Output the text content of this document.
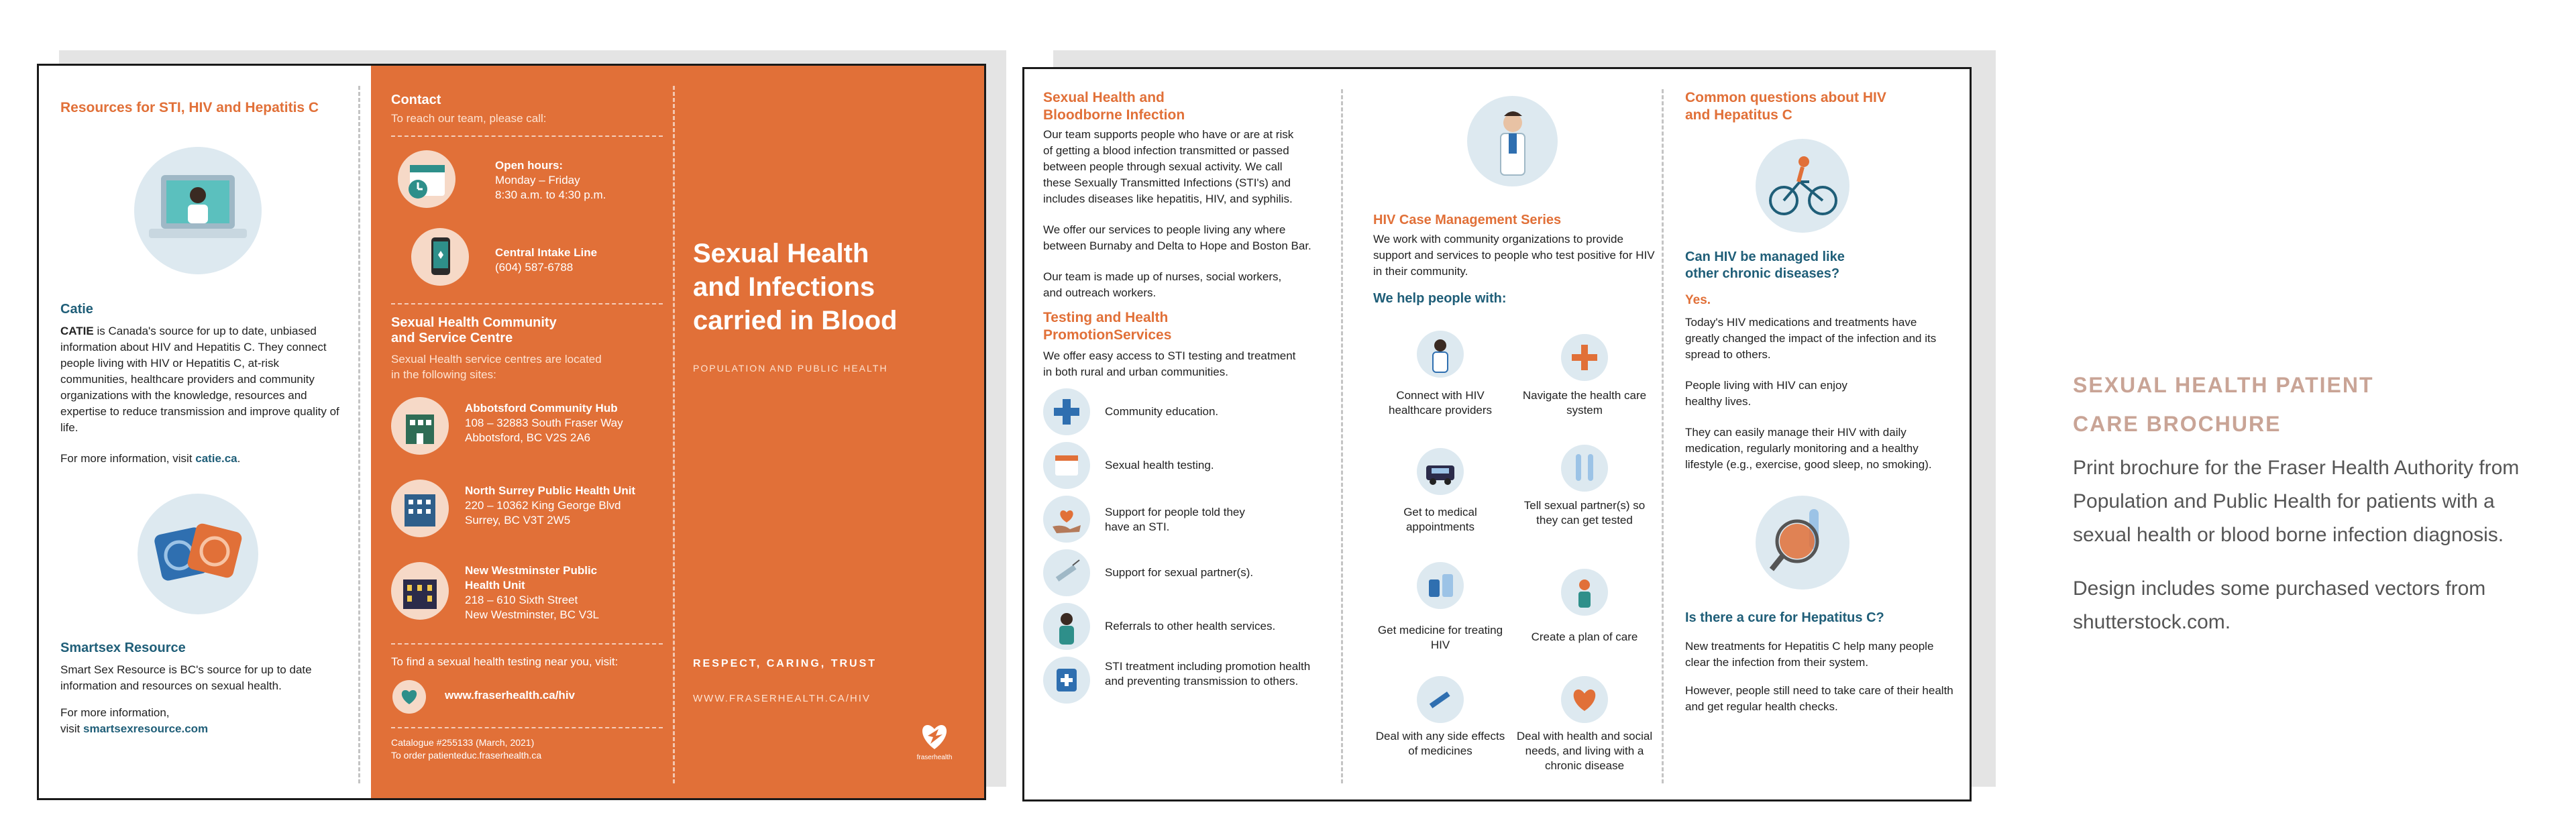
Resources for STI, HIV and Hepatitis C
Catie

CATIE is Canada's source for up to date, unbiased information about HIV and Hepatitis C. They connect people living with HIV or Hepatitis C, at-risk communities, healthcare providers and community organizations with the knowledge, resources and expertise to reduce transmission and improve quality of life.

For more information, visit catie.ca.

Smartsex Resource

Smart Sex Resource is BC's source for up to date information and resources on sexual health.

For more information,

visit smartsexresource.com

Contact
To reach our team, please call:
Open hours:
Monday – Friday
8:30 a.m. to 4:30 p.m.
Central Intake Line
(604) 587-6788
Sexual Health Community
and Service Centre
Sexual Health service centres are located
in the following sites:
Abbotsford Community Hub
108 – 32883 South Fraser Way
Abbotsford, BC V2S 2A6
North Surrey Public Health Unit
220 – 10362 King George Blvd
Surrey, BC V3T 2W5
New Westminster Public
Health Unit
218 – 610 Sixth Street
New Westminster, BC V3L
To find a sexual health testing near you, visit:
www.fraserhealth.ca/hiv
Catalogue #255133 (March, 2021)
To order patienteduc.fraserhealth.ca
Sexual Health
and Infections
carried in Blood
POPULATION AND PUBLIC HEALTH
RESPECT, CARING, TRUST
WWW.FRASERHEALTH.CA/HIV
fraserhealth
Sexual Health and
Bloodborne Infection

Our team supports people who have or are at risk of getting a blood infection transmitted or passed between people through sexual activity. We call these Sexually Transmitted Infections (STI's) and includes diseases like hepatitis, HIV, and syphilis.

We offer our services to people living any where between Burnaby and Delta to Hope and Boston Bar.

Our team is made up of nurses, social workers, and outreach workers.

Testing and Health
PromotionServices

We offer easy access to STI testing and treatment in both rural and urban communities.

Community education.
Sexual health testing.
Support for people told they have an STI.
Support for sexual partner(s).
Referrals to other health services.
STI treatment including promotion health and preventing transmission to others.
HIV Case Management Series

We work with community organizations to provide support and services to people who test positive for HIV in their community.

We help people with:
Connect with HIV healthcare providers
Navigate the health care system
Get to medical appointments
Tell sexual partner(s) so they can get tested
Get medicine for treating HIV
Create a plan of care
Deal with any side effects of medicines
Deal with health and social needs, and living with a chronic disease
Common questions about HIV
and Hepatitus C
Can HIV be managed like
other chronic diseases?
Yes.

Today's HIV medications and treatments have greatly changed the impact of the infection and its spread to others.

People living with HIV can enjoy healthy lives.

They can easily manage their HIV with daily medication, regularly monitoring and a healthy lifestyle (e.g., exercise, good sleep, no smoking).

Is there a cure for Hepatitus C?

New treatments for Hepatitis C help many people clear the infection from their system.

However, people still need to take care of their health and get regular health checks.

SEXUAL HEALTH PATIENT
CARE BROCHURE

Print brochure for the Fraser Health Authority from Population and Public Health for patients with a sexual health or blood borne infection diagnosis.

Design includes some purchased vectors from shutterstock.com.
